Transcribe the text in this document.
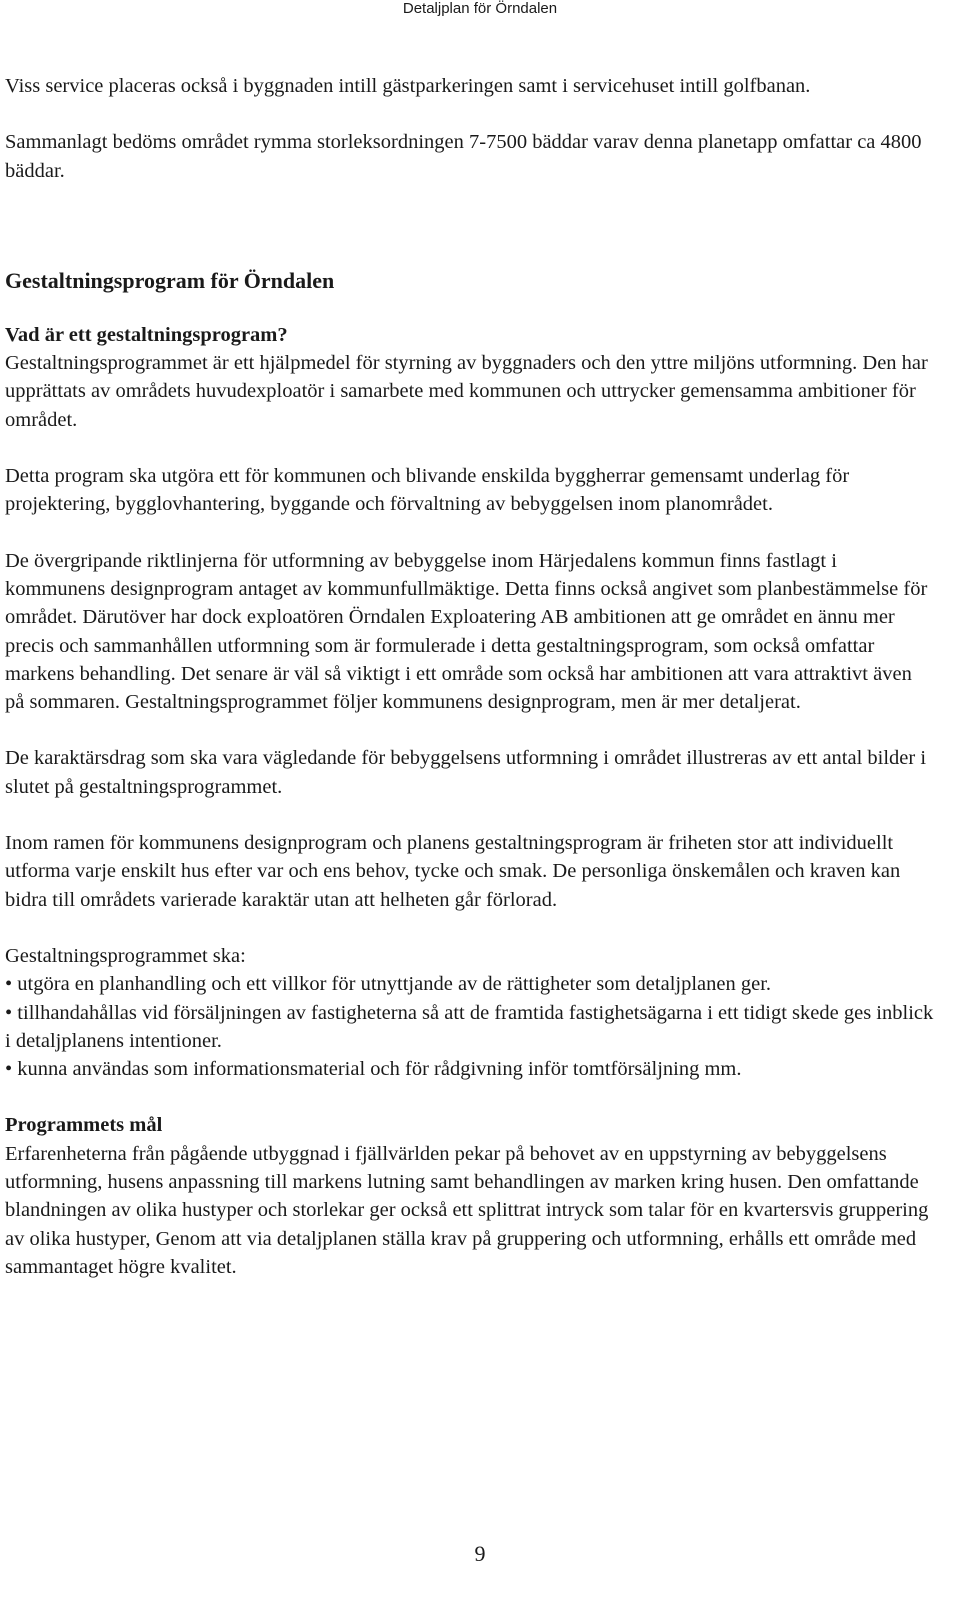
Detaljplan för Örndalen

Viss service placeras också i byggnaden intill gästparkeringen samt i servicehuset intill golfbanan.

Sammanlagt bedöms området rymma storleksordningen 7-7500 bäddar varav denna planetapp omfattar ca 4800 bäddar.

Gestaltningsprogram för Örndalen
Vad är ett gestaltningsprogram?

Gestaltningsprogrammet är ett hjälpmedel för styrning av byggnaders och den yttre miljöns utformning. Den har upprättats av områdets huvudexploatör i samarbete med kommunen och uttrycker gemensamma ambitioner för området.

Detta program ska utgöra ett för kommunen och blivande enskilda byggherrar gemensamt underlag för projektering, bygglovhantering, byggande och förvaltning av bebyggelsen inom planområdet.

De övergripande riktlinjerna för utformning av bebyggelse inom Härjedalens kommun finns fastlagt i kommunens designprogram antaget av kommunfullmäktige. Detta finns också angivet som planbestämmelse för området. Därutöver har dock exploatören Örndalen Exploatering AB ambitionen att ge området en ännu mer precis och sammanhållen utformning som är formulerade i detta gestaltningsprogram, som också omfattar markens behandling. Det senare är väl så viktigt i ett område som också har ambitionen att vara attraktivt även på sommaren. Gestaltningsprogrammet följer kommunens designprogram, men är mer detaljerat.

De karaktärsdrag som ska vara vägledande för bebyggelsens utformning i området illustreras av ett antal bilder i slutet på gestaltningsprogrammet.

Inom ramen för kommunens designprogram och planens gestaltningsprogram är friheten stor att individuellt utforma varje enskilt hus efter var och ens behov, tycke och smak. De personliga önskemålen och kraven kan bidra till områdets varierade karaktär utan att helheten går förlorad.

Gestaltningsprogrammet ska:

• utgöra en planhandling och ett villkor för utnyttjande av de rättigheter som detaljplanen ger.

• tillhandahållas vid försäljningen av fastigheterna så att de framtida fastighetsägarna i ett tidigt skede ges inblick i detaljplanens intentioner.

• kunna användas som informationsmaterial och för rådgivning inför tomtförsäljning mm.

Programmets mål

Erfarenheterna från pågående utbyggnad i fjällvärlden pekar på behovet av en uppstyrning av bebyggelsens utformning, husens anpassning till markens lutning samt behandlingen av marken kring husen. Den omfattande blandningen av olika hustyper och storlekar ger också ett splittrat intryck som talar för en kvartersvis gruppering av olika hustyper, Genom att via detaljplanen ställa krav på gruppering och utformning, erhålls ett område med sammantaget högre kvalitet.

9
